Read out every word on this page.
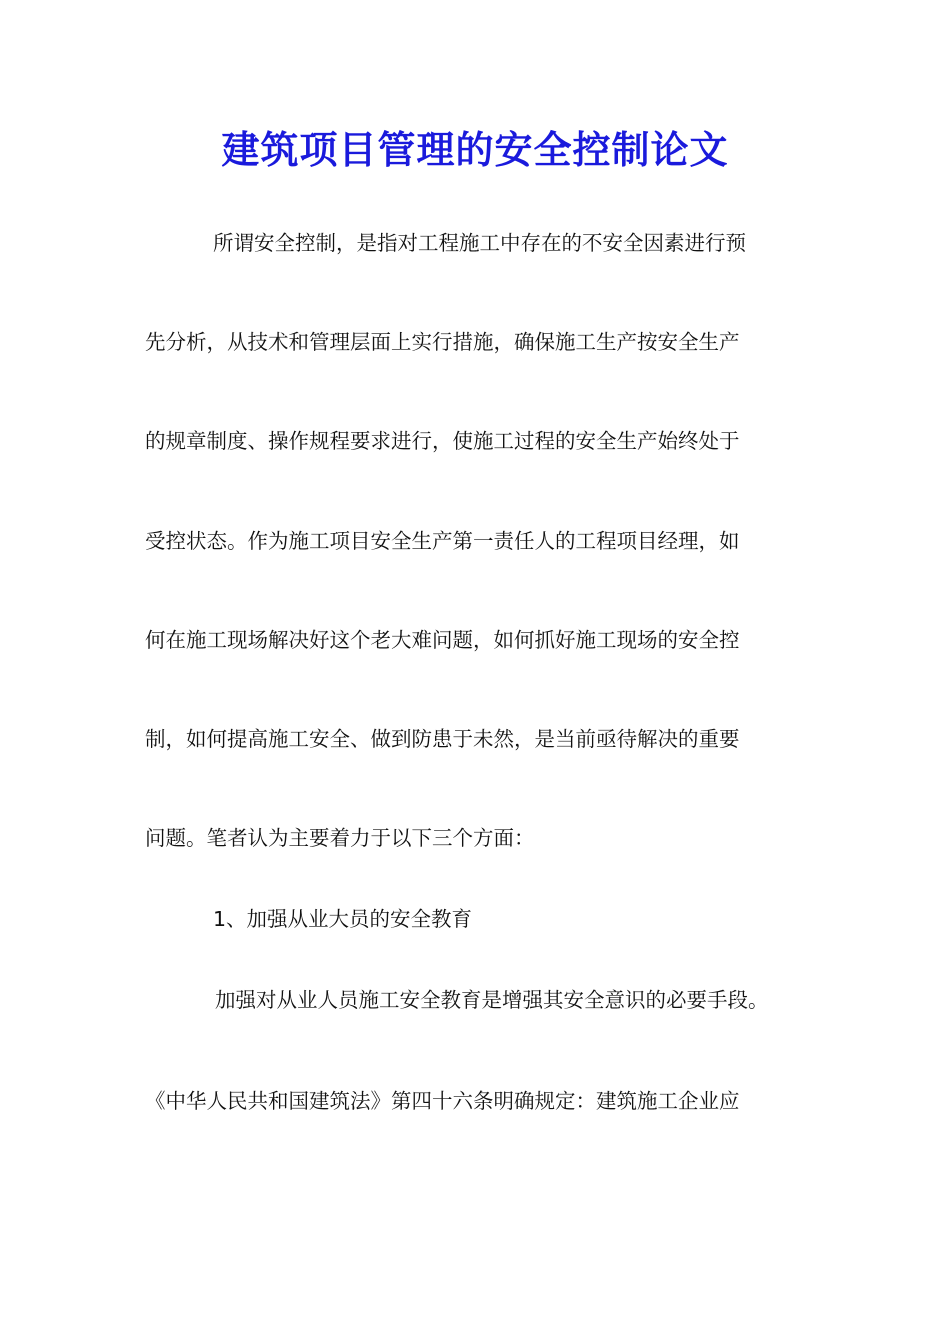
建筑项目管理的安全控制论文
所谓安全控制，是指对工程施工中存在的不安全因素进行预
先分析，从技术和管理层面上实行措施，确保施工生产按安全生产
的规章制度、操作规程要求进行，使施工过程的安全生产始终处于
受控状态。作为施工项目安全生产第一责任人的工程项目经理，如
何在施工现场解决好这个老大难问题，如何抓好施工现场的安全控
制，如何提高施工安全、做到防患于未然，是当前亟待解决的重要
问题。笔者认为主要着力于以下三个方面：
1、加强从业大员的安全教育
加强对从业人员施工安全教育是增强其安全意识的必要手段。
《中华人民共和国建筑法》第四十六条明确规定：建筑施工企业应
